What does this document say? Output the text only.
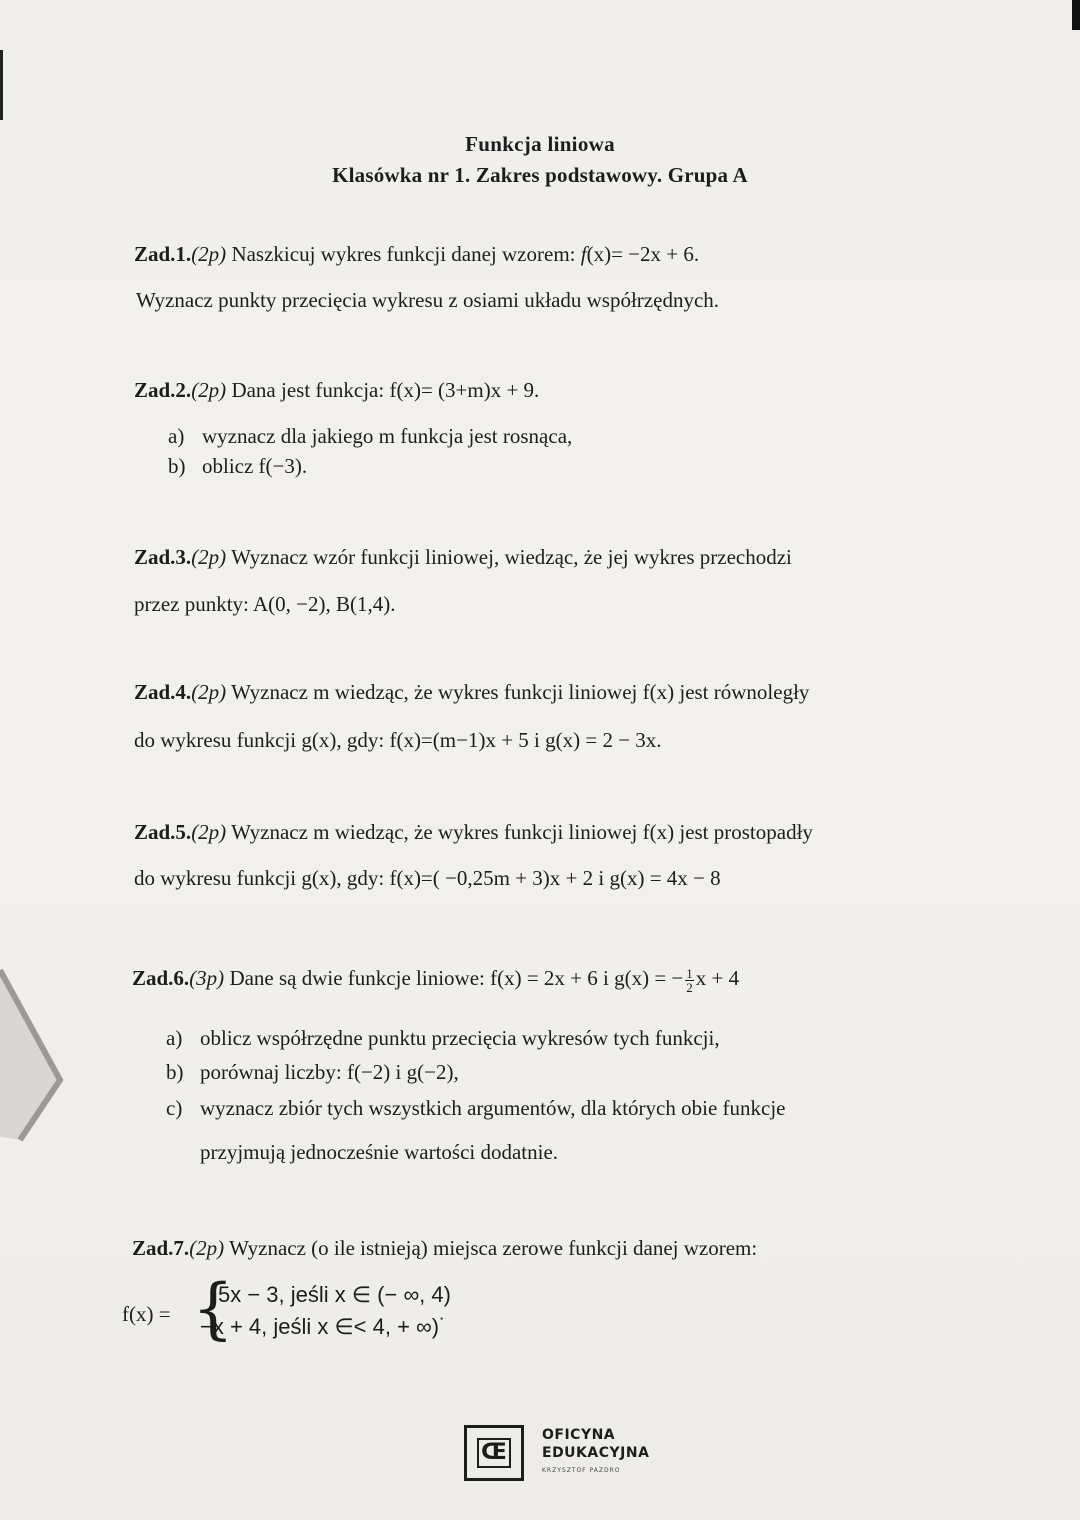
Funkcja liniowa
Klasówka nr 1. Zakres podstawowy. Grupa A
Zad.1.(2p) Naszkicuj wykres funkcji danej wzorem: f(x)= −2x + 6.
Wyznacz punkty przecięcia wykresu z osiami układu współrzędnych.
Zad.2.(2p) Dana jest funkcja: f(x)= (3+m)x + 9.
a) wyznacz dla jakiego m funkcja jest rosnąca,
b) oblicz f(−3).
Zad.3.(2p) Wyznacz wzór funkcji liniowej, wiedząc, że jej wykres przechodzi
przez punkty: A(0, −2), B(1,4).
Zad.4.(2p) Wyznacz m wiedząc, że wykres funkcji liniowej f(x) jest równoległy
do wykresu funkcji g(x), gdy: f(x)=(m−1)x + 5 i g(x) = 2 − 3x.
Zad.5.(2p) Wyznacz m wiedząc, że wykres funkcji liniowej f(x) jest prostopadły
do wykresu funkcji g(x), gdy: f(x)=( −0,25m + 3)x + 2 i g(x) = 4x − 8
Zad.6.(3p) Dane są dwie funkcje liniowe: f(x) = 2x + 6 i g(x) = − $\frac{1}{2}$ x + 4
a) oblicz współrzędne punktu przecięcia wykresów tych funkcji,
b) porównaj liczby: f(−2) i g(−2),
c) wyznacz zbiór tych wszystkich argumentów, dla których obie funkcje
przyjmują jednocześnie wartości dodatnie.
Zad.7.(2p) Wyznacz (o ile istnieją) miejsca zerowe funkcji danej wzorem:
f(x) = {
5x − 3, jeśli x ∈ (− ∞, 4)
−x + 4, jeśli x ∈< 4, + ∞)˙
Œ
OFICYNA
EDUKACYJNA
KRZYSZTOF PAZDRO
